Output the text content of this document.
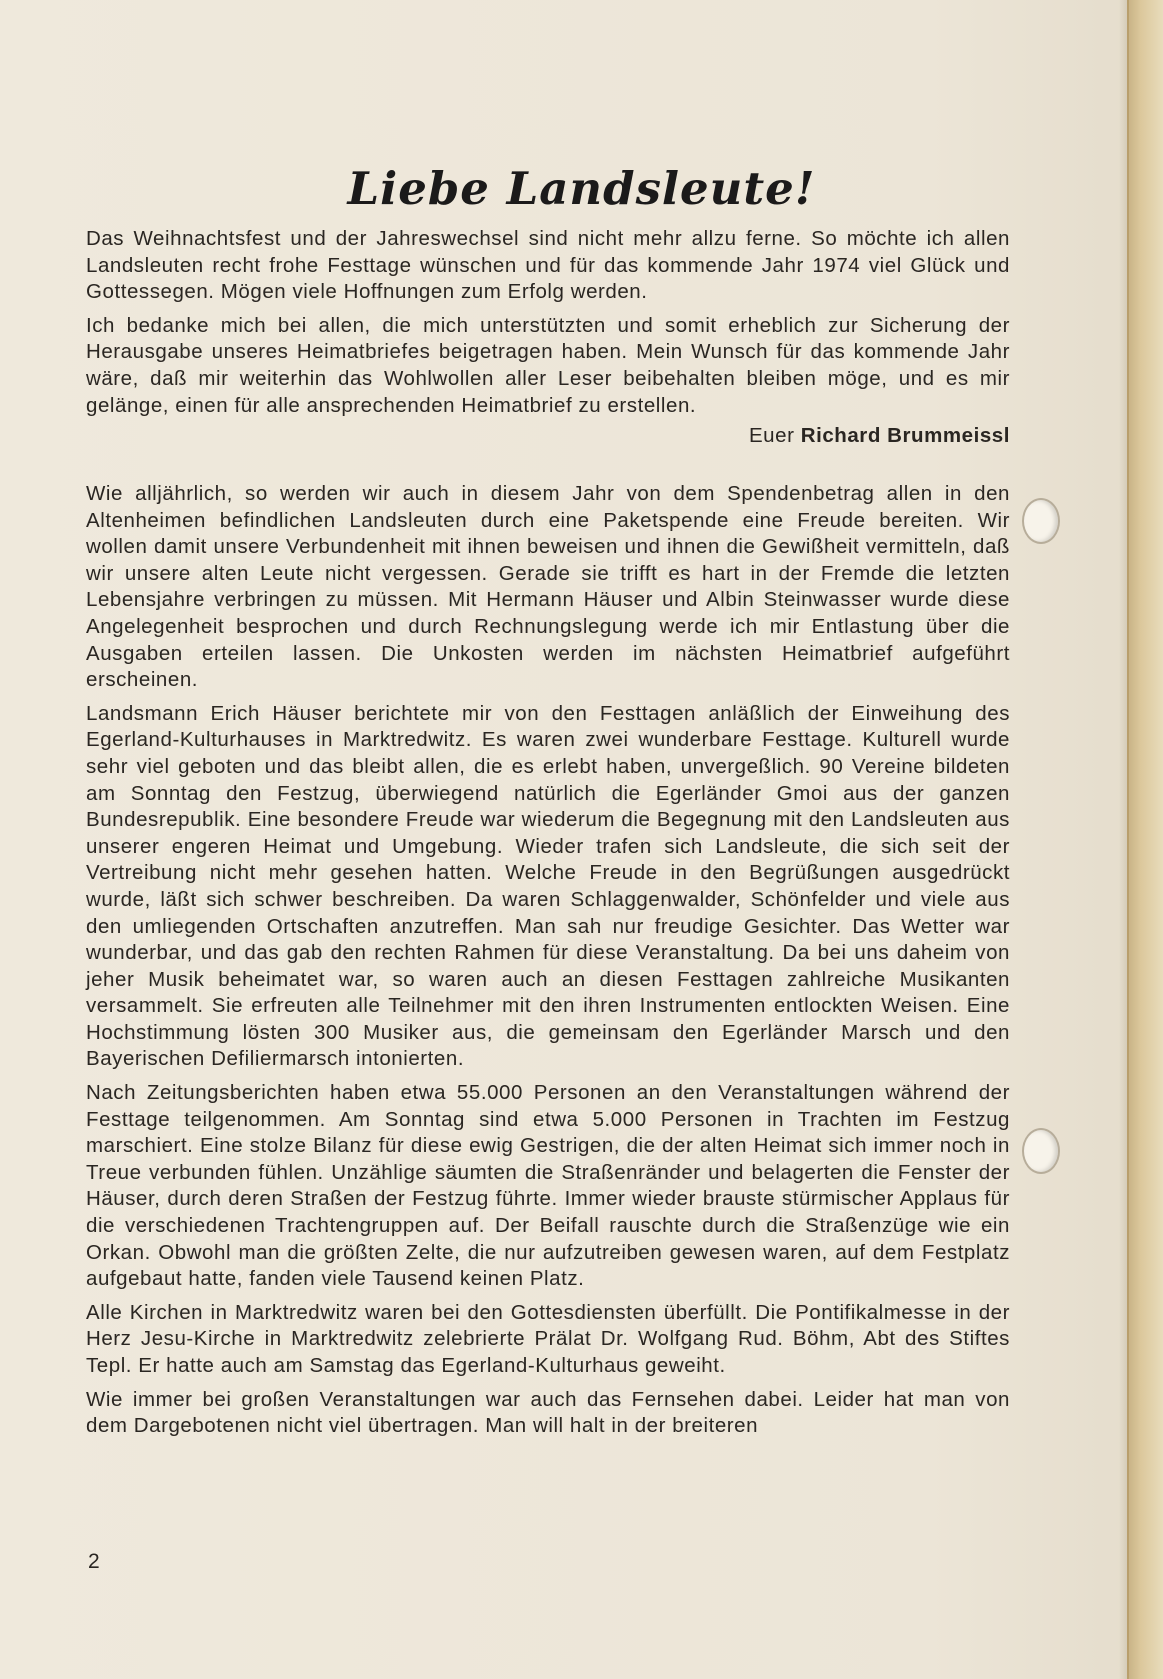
Liebe Landsleute!

Das Weihnachtsfest und der Jahreswechsel sind nicht mehr allzu ferne. So möchte ich allen Landsleuten recht frohe Festtage wünschen und für das kommende Jahr 1974 viel Glück und Gottessegen. Mögen viele Hoffnungen zum Erfolg werden.

Ich bedanke mich bei allen, die mich unterstützten und somit erheblich zur Sicherung der Herausgabe unseres Heimatbriefes beigetragen haben. Mein Wunsch für das kommende Jahr wäre, daß mir weiterhin das Wohlwollen aller Leser beibehalten bleiben möge, und es mir gelänge, einen für alle ansprechenden Heimatbrief zu erstellen.

Euer Richard Brummeissl

Wie alljährlich, so werden wir auch in diesem Jahr von dem Spendenbetrag allen in den Altenheimen befindlichen Landsleuten durch eine Paketspende eine Freude bereiten. Wir wollen damit unsere Verbundenheit mit ihnen beweisen und ihnen die Gewißheit vermitteln, daß wir unsere alten Leute nicht vergessen. Gerade sie trifft es hart in der Fremde die letzten Lebensjahre verbringen zu müssen. Mit Hermann Häuser und Albin Steinwasser wurde diese Angelegenheit besprochen und durch Rechnungslegung werde ich mir Entlastung über die Ausgaben erteilen lassen. Die Unkosten werden im nächsten Heimatbrief aufgeführt erscheinen.

Landsmann Erich Häuser berichtete mir von den Festtagen anläßlich der Einweihung des Egerland-Kulturhauses in Marktredwitz. Es waren zwei wunderbare Festtage. Kulturell wurde sehr viel geboten und das bleibt allen, die es erlebt haben, unvergeßlich. 90 Vereine bildeten am Sonntag den Festzug, überwiegend natürlich die Egerländer Gmoi aus der ganzen Bundesrepublik. Eine besondere Freude war wiederum die Begegnung mit den Landsleuten aus unserer engeren Heimat und Umgebung. Wieder trafen sich Landsleute, die sich seit der Vertreibung nicht mehr gesehen hatten. Welche Freude in den Begrüßungen ausgedrückt wurde, läßt sich schwer beschreiben. Da waren Schlaggenwalder, Schönfelder und viele aus den umliegenden Ortschaften anzutreffen. Man sah nur freudige Gesichter. Das Wetter war wunderbar, und das gab den rechten Rahmen für diese Veranstaltung. Da bei uns daheim von jeher Musik beheimatet war, so waren auch an diesen Festtagen zahlreiche Musikanten versammelt. Sie erfreuten alle Teilnehmer mit den ihren Instrumenten entlockten Weisen. Eine Hochstimmung lösten 300 Musiker aus, die gemeinsam den Egerländer Marsch und den Bayerischen Defiliermarsch intonierten.

Nach Zeitungsberichten haben etwa 55.000 Personen an den Veranstaltungen während der Festtage teilgenommen. Am Sonntag sind etwa 5.000 Personen in Trachten im Festzug marschiert. Eine stolze Bilanz für diese ewig Gestrigen, die der alten Heimat sich immer noch in Treue verbunden fühlen. Unzählige säumten die Straßenränder und belagerten die Fenster der Häuser, durch deren Straßen der Festzug führte. Immer wieder brauste stürmischer Applaus für die verschiedenen Trachtengruppen auf. Der Beifall rauschte durch die Straßenzüge wie ein Orkan. Obwohl man die größten Zelte, die nur aufzutreiben gewesen waren, auf dem Festplatz aufgebaut hatte, fanden viele Tausend keinen Platz.

Alle Kirchen in Marktredwitz waren bei den Gottesdiensten überfüllt. Die Pontifikalmesse in der Herz Jesu-Kirche in Marktredwitz zelebrierte Prälat Dr. Wolfgang Rud. Böhm, Abt des Stiftes Tepl. Er hatte auch am Samstag das Egerland-Kulturhaus geweiht.

Wie immer bei großen Veranstaltungen war auch das Fernsehen dabei. Leider hat man von dem Dargebotenen nicht viel übertragen. Man will halt in der breiteren

2
